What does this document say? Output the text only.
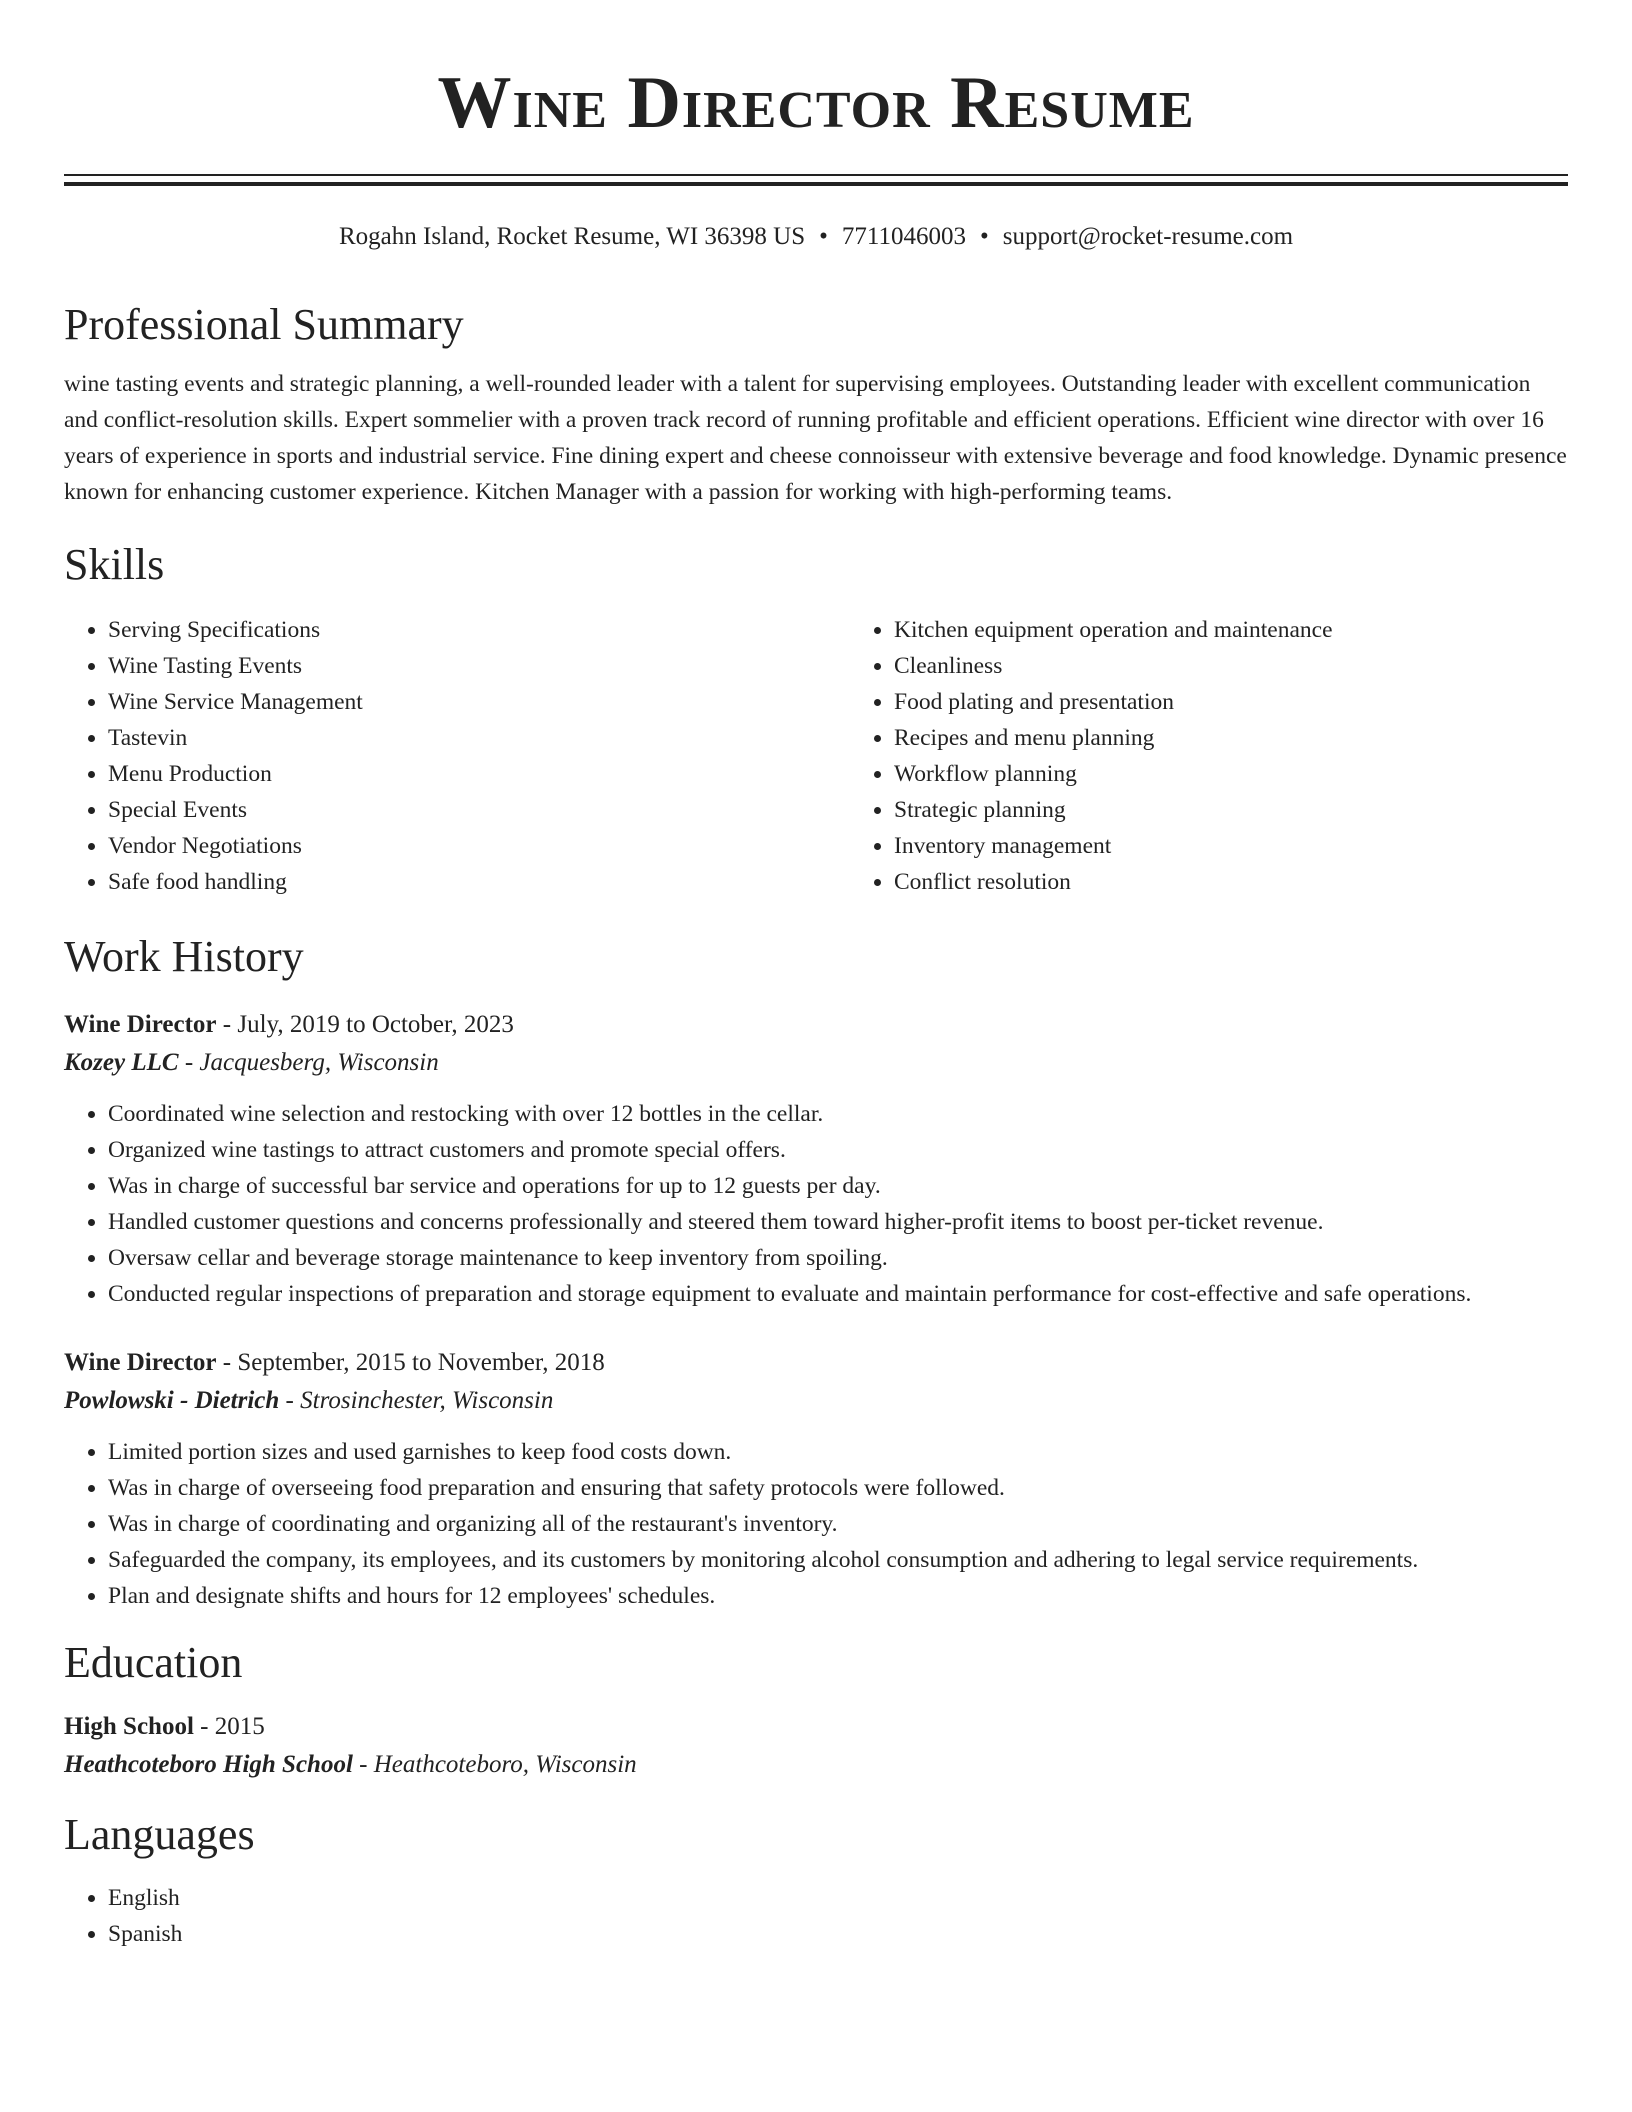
Wine Director Resume
Rogahn Island, Rocket Resume, WI 36398 US • 7711046003 • support@rocket-resume.com
Professional Summary

wine tasting events and strategic planning, a well-rounded leader with a talent for supervising employees. Outstanding leader with excellent communication and conflict-resolution skills. Expert sommelier with a proven track record of running profitable and efficient operations. Efficient wine director with over 16 years of experience in sports and industrial service. Fine dining expert and cheese connoisseur with extensive beverage and food knowledge. Dynamic presence known for enhancing customer experience. Kitchen Manager with a passion for working with high-performing teams.

Skills
• Serving Specifications
• Wine Tasting Events
• Wine Service Management
• Tastevin
• Menu Production
• Special Events
• Vendor Negotiations
• Safe food handling
• Kitchen equipment operation and maintenance
• Cleanliness
• Food plating and presentation
• Recipes and menu planning
• Workflow planning
• Strategic planning
• Inventory management
• Conflict resolution
Work History
Wine Director - July, 2019 to October, 2023
Kozey LLC - Jacquesberg, Wisconsin
• Coordinated wine selection and restocking with over 12 bottles in the cellar.
• Organized wine tastings to attract customers and promote special offers.
• Was in charge of successful bar service and operations for up to 12 guests per day.
• Handled customer questions and concerns professionally and steered them toward higher-profit items to boost per-ticket revenue.
• Oversaw cellar and beverage storage maintenance to keep inventory from spoiling.
• Conducted regular inspections of preparation and storage equipment to evaluate and maintain performance for cost-effective and safe operations.
Wine Director - September, 2015 to November, 2018
Powlowski - Dietrich - Strosinchester, Wisconsin
• Limited portion sizes and used garnishes to keep food costs down.
• Was in charge of overseeing food preparation and ensuring that safety protocols were followed.
• Was in charge of coordinating and organizing all of the restaurant's inventory.
• Safeguarded the company, its employees, and its customers by monitoring alcohol consumption and adhering to legal service requirements.
• Plan and designate shifts and hours for 12 employees' schedules.
Education
High School - 2015
Heathcoteboro High School - Heathcoteboro, Wisconsin
Languages
• English
• Spanish
